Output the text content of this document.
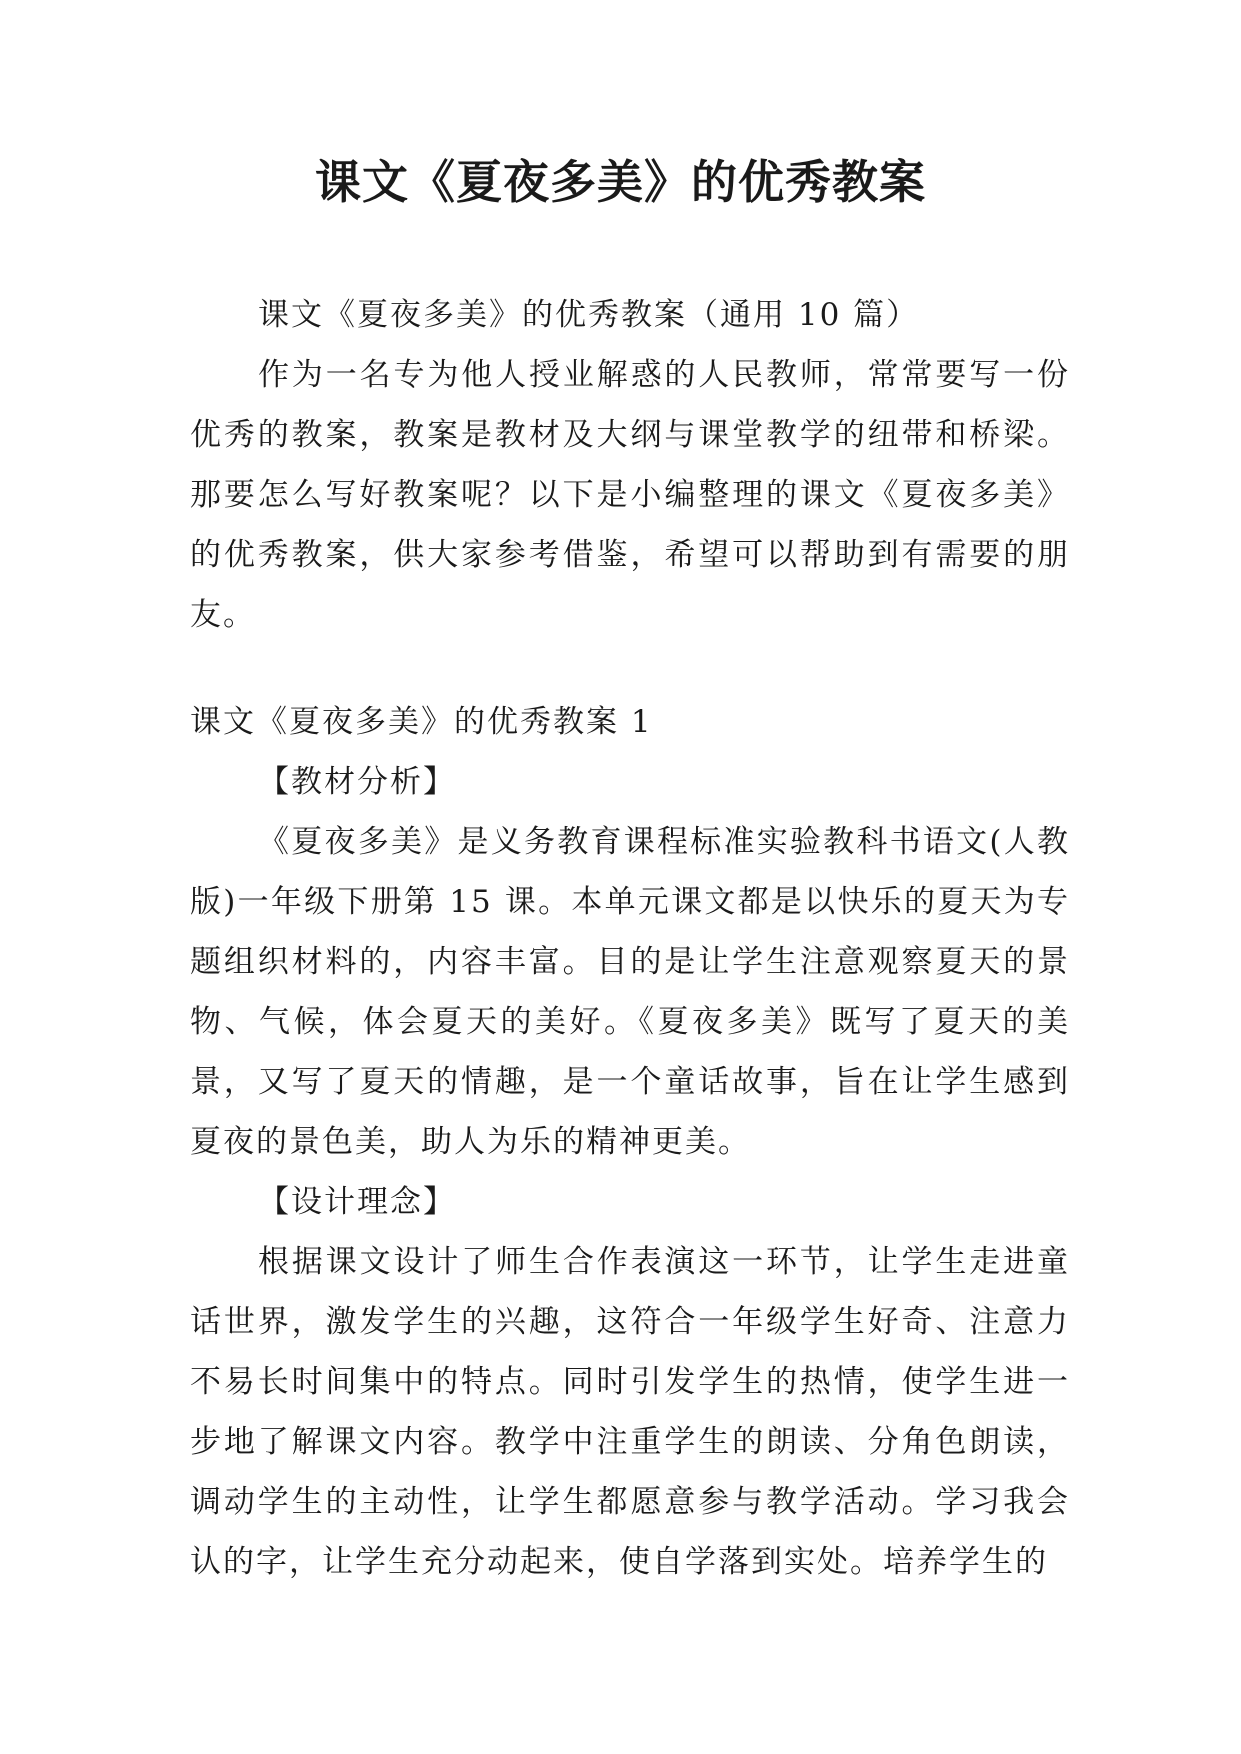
课文《夏夜多美》的优秀教案

课文《夏夜多美》的优秀教案（通用 10 篇）

作为一名专为他人授业解惑的人民教师，常常要写一份优秀的教案，教案是教材及大纲与课堂教学的纽带和桥梁。那要怎么写好教案呢？以下是小编整理的课文《夏夜多美》的优秀教案，供大家参考借鉴，希望可以帮助到有需要的朋友。

课文《夏夜多美》的优秀教案 1

【教材分析】

《夏夜多美》是义务教育课程标准实验教科书语文(人教版)一年级下册第 15 课。本单元课文都是以快乐的夏天为专题组织材料的，内容丰富。目的是让学生注意观察夏天的景物、气候，体会夏天的美好。《夏夜多美》既写了夏天的美景，又写了夏天的情趣，是一个童话故事，旨在让学生感到夏夜的景色美，助人为乐的精神更美。

【设计理念】

根据课文设计了师生合作表演这一环节，让学生走进童话世界，激发学生的兴趣，这符合一年级学生好奇、注意力不易长时间集中的特点。同时引发学生的热情，使学生进一步地了解课文内容。教学中注重学生的朗读、分角色朗读，调动学生的主动性，让学生都愿意参与教学活动。学习我会认的字，让学生充分动起来，使自学落到实处。培养学生的
